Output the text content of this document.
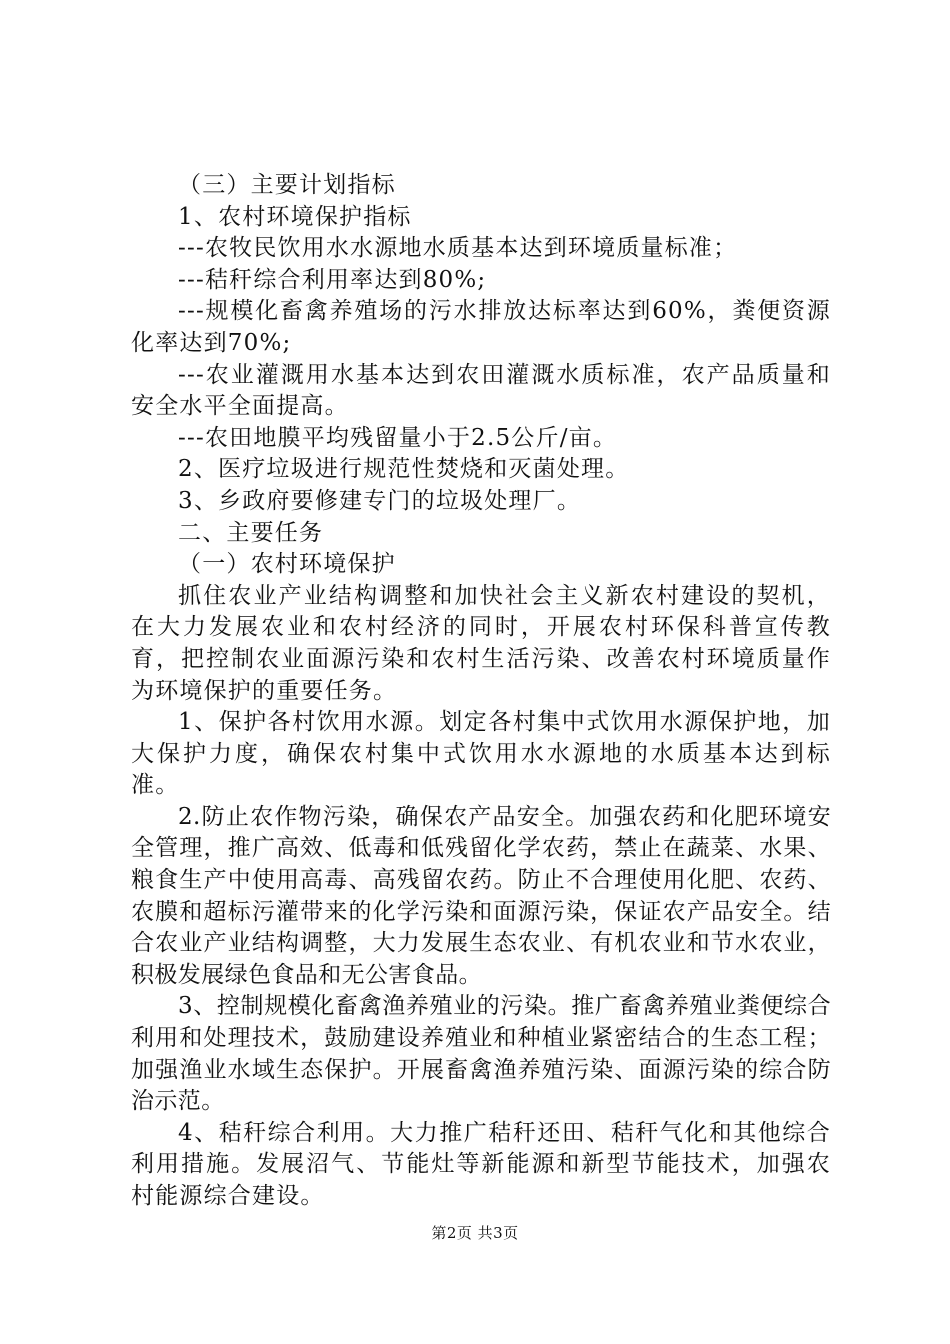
（三）主要计划指标

1、农村环境保护指标

---农牧民饮用水水源地水质基本达到环境质量标准；

---秸秆综合利用率达到80%;

---规模化畜禽养殖场的污水排放达标率达到60%，粪便资源化率达到70%;

---农业灌溉用水基本达到农田灌溉水质标准，农产品质量和安全水平全面提高。

---农田地膜平均残留量小于2.5公斤/亩。

2、医疗垃圾进行规范性焚烧和灭菌处理。

3、乡政府要修建专门的垃圾处理厂。

二、主要任务

（一）农村环境保护

抓住农业产业结构调整和加快社会主义新农村建设的契机，在大力发展农业和农村经济的同时，开展农村环保科普宣传教育，把控制农业面源污染和农村生活污染、改善农村环境质量作为环境保护的重要任务。

1、保护各村饮用水源。划定各村集中式饮用水源保护地，加大保护力度，确保农村集中式饮用水水源地的水质基本达到标准。

2.防止农作物污染，确保农产品安全。加强农药和化肥环境安全管理，推广高效、低毒和低残留化学农药，禁止在蔬菜、水果、粮食生产中使用高毒、高残留农药。防止不合理使用化肥、农药、农膜和超标污灌带来的化学污染和面源污染，保证农产品安全。结合农业产业结构调整，大力发展生态农业、有机农业和节水农业，积极发展绿色食品和无公害食品。

3、控制规模化畜禽渔养殖业的污染。推广畜禽养殖业粪便综合利用和处理技术，鼓励建设养殖业和种植业紧密结合的生态工程；加强渔业水域生态保护。开展畜禽渔养殖污染、面源污染的综合防治示范。

4、秸秆综合利用。大力推广秸秆还田、秸秆气化和其他综合利用措施。发展沼气、节能灶等新能源和新型节能技术，加强农村能源综合建设。

第2页 共3页
